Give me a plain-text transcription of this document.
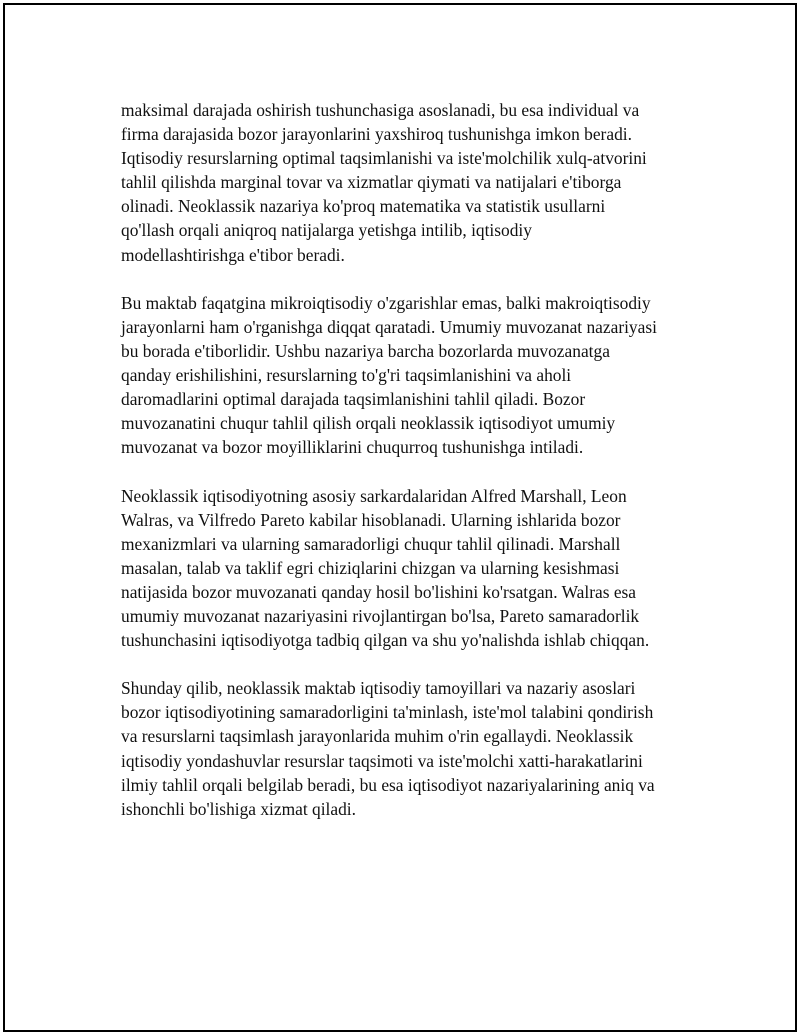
maksimal darajada oshirish tushunchasiga asoslanadi, bu esa individual va
firma darajasida bozor jarayonlarini yaxshiroq tushunishga imkon beradi.
Iqtisodiy resurslarning optimal taqsimlanishi va iste'molchilik xulq-atvorini
tahlil qilishda marginal tovar va xizmatlar qiymati va natijalari e'tiborga
olinadi. Neoklassik nazariya ko'proq matematika va statistik usullarni
qo'llash orqali aniqroq natijalarga yetishga intilib, iqtisodiy
modellashtirishga e'tibor beradi.

Bu maktab faqatgina mikroiqtisodiy o'zgarishlar emas, balki makroiqtisodiy
jarayonlarni ham o'rganishga diqqat qaratadi. Umumiy muvozanat nazariyasi
bu borada e'tiborlidir. Ushbu nazariya barcha bozorlarda muvozanatga
qanday erishilishini, resurslarning to'g'ri taqsimlanishini va aholi
daromadlarini optimal darajada taqsimlanishini tahlil qiladi. Bozor
muvozanatini chuqur tahlil qilish orqali neoklassik iqtisodiyot umumiy
muvozanat va bozor moyilliklarini chuqurroq tushunishga intiladi.

Neoklassik iqtisodiyotning asosiy sarkardalaridan Alfred Marshall, Leon
Walras, va Vilfredo Pareto kabilar hisoblanadi. Ularning ishlarida bozor
mexanizmlari va ularning samaradorligi chuqur tahlil qilinadi. Marshall
masalan, talab va taklif egri chiziqlarini chizgan va ularning kesishmasi
natijasida bozor muvozanati qanday hosil bo'lishini ko'rsatgan. Walras esa
umumiy muvozanat nazariyasini rivojlantirgan bo'lsa, Pareto samaradorlik
tushunchasini iqtisodiyotga tadbiq qilgan va shu yo'nalishda ishlab chiqqan.

Shunday qilib, neoklassik maktab iqtisodiy tamoyillari va nazariy asoslari
bozor iqtisodiyotining samaradorligini ta'minlash, iste'mol talabini qondirish
va resurslarni taqsimlash jarayonlarida muhim o'rin egallaydi. Neoklassik
iqtisodiy yondashuvlar resurslar taqsimoti va iste'molchi xatti-harakatlarini
ilmiy tahlil orqali belgilab beradi, bu esa iqtisodiyot nazariyalarining aniq va
ishonchli bo'lishiga xizmat qiladi.
